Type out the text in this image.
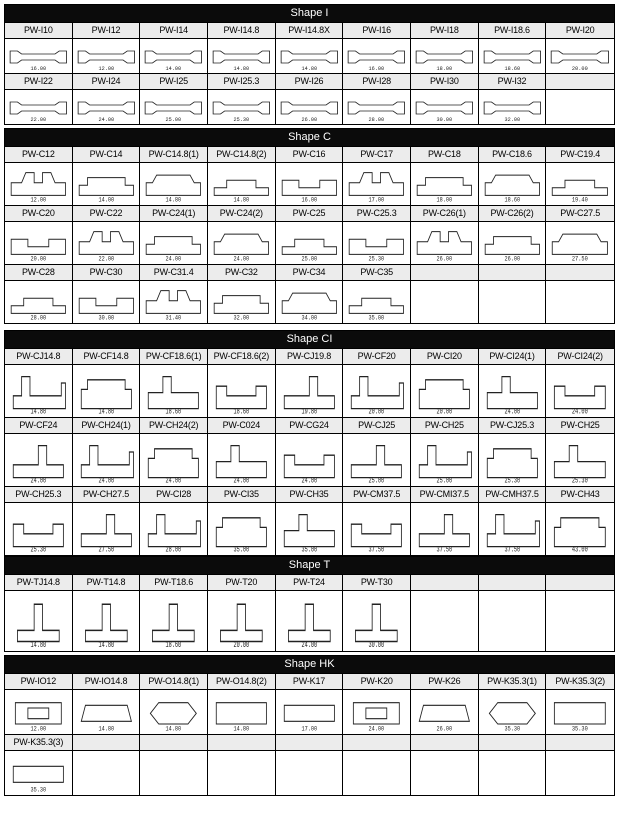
Shape I
PW-I10
16.00
PW-I12
12.00
PW-I14
14.00
PW-I14.8
14.80
PW-I14.8X
14.80
PW-I16
16.00
PW-I18
18.00
PW-I18.6
18.60
PW-I20
20.00
PW-I22
22.00
PW-I24
24.00
PW-I25
25.00
PW-I25.3
25.30
PW-I26
26.00
PW-I28
28.00
PW-I30
30.00
PW-I32
32.00
Shape C
PW-C12
12.00
PW-C14
14.00
PW-C14.8(1)
14.80
PW-C14.8(2)
14.80
PW-C16
16.00
PW-C17
17.00
PW-C18
18.00
PW-C18.6
18.60
PW-C19.4
19.40
PW-C20
20.00
PW-C22
22.00
PW-C24(1)
24.00
PW-C24(2)
24.00
PW-C25
25.00
PW-C25.3
25.30
PW-C26(1)
26.00
PW-C26(2)
26.00
PW-C27.5
27.50
PW-C28
28.00
PW-C30
30.00
PW-C31.4
31.40
PW-C32
32.00
PW-C34
34.00
PW-C35
35.00
Shape CI
PW-CJ14.8
14.80
PW-CF14.8
14.80
PW-CF18.6(1)
18.60
PW-CF18.6(2)
18.60
PW-CJ19.8
19.80
PW-CF20
20.00
PW-CI20
20.00
PW-CI24(1)
24.00
PW-CI24(2)
24.00
PW-CF24
24.00
PW-CH24(1)
24.00
PW-CH24(2)
24.00
PW-C024
24.00
PW-CG24
24.00
PW-CJ25
25.00
PW-CH25
25.00
PW-CJ25.3
25.30
PW-CH25
25.30
PW-CH25.3
25.30
PW-CH27.5
27.50
PW-CI28
28.00
PW-CI35
35.00
PW-CH35
35.00
PW-CM37.5
37.50
PW-CMI37.5
37.50
PW-CMH37.5
37.50
PW-CH43
43.00
Shape T
PW-TJ14.8
14.80
PW-T14.8
14.80
PW-T18.6
18.60
PW-T20
20.00
PW-T24
24.00
PW-T30
30.00
Shape HK
PW-IO12
12.00
PW-IO14.8
14.80
PW-O14.8(1)
14.80
PW-O14.8(2)
14.80
PW-K17
17.00
PW-K20
24.00
PW-K26
26.00
PW-K35.3(1)
35.30
PW-K35.3(2)
35.30
PW-K35.3(3)
35.30
